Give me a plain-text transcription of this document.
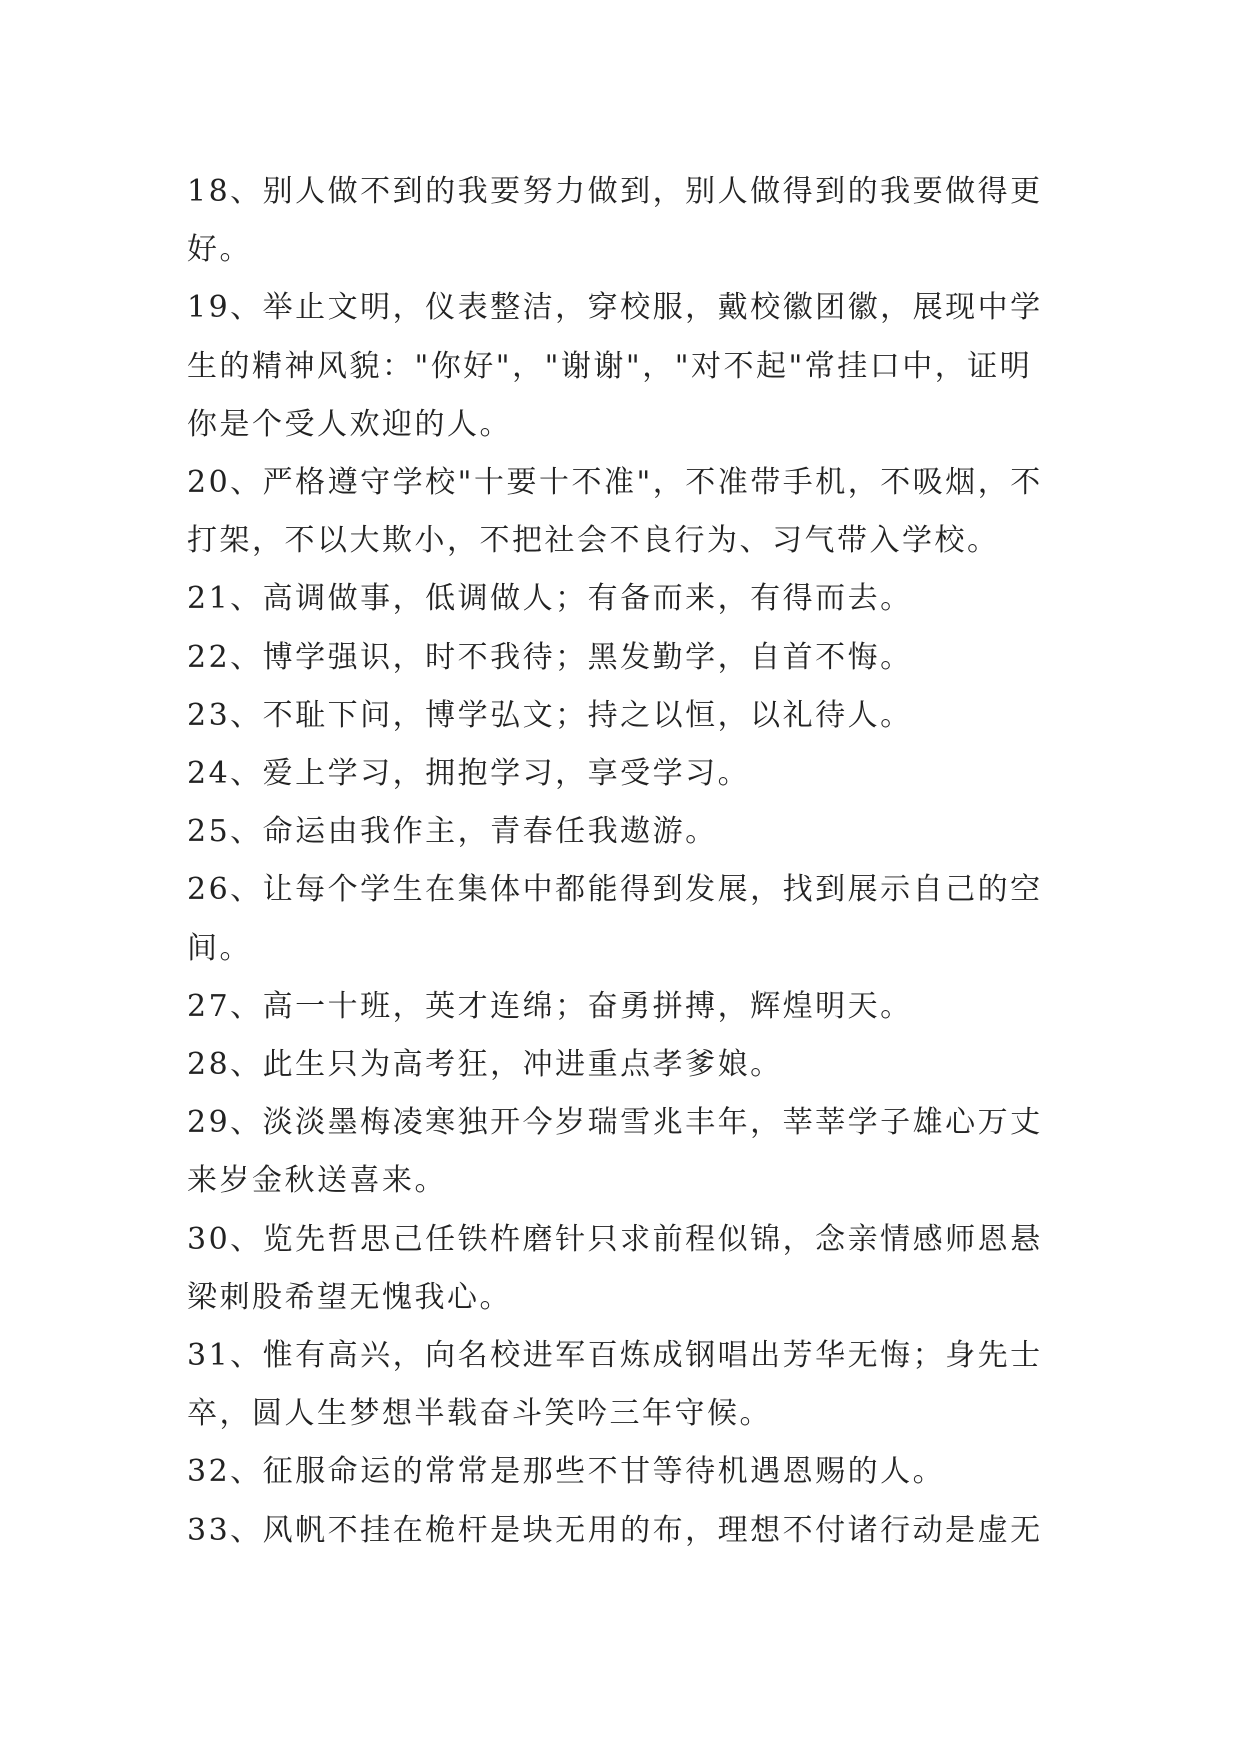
18、别人做不到的我要努力做到，别人做得到的我要做得更好。

19、举止文明，仪表整洁，穿校服，戴校徽团徽，展现中学生的精神风貌："你好"，"谢谢"，"对不起"常挂口中，证明你是个受人欢迎的人。

20、严格遵守学校"十要十不准"，不准带手机，不吸烟，不打架，不以大欺小，不把社会不良行为、习气带入学校。

21、高调做事，低调做人；有备而来，有得而去。

22、博学强识，时不我待；黑发勤学，自首不悔。

23、不耻下问，博学弘文；持之以恒，以礼待人。

24、爱上学习，拥抱学习，享受学习。

25、命运由我作主，青春任我遨游。

26、让每个学生在集体中都能得到发展，找到展示自己的空间。

27、高一十班，英才连绵；奋勇拼搏，辉煌明天。

28、此生只为高考狂，冲进重点孝爹娘。

29、淡淡墨梅凌寒独开今岁瑞雪兆丰年，莘莘学子雄心万丈来岁金秋送喜来。

30、览先哲思己任铁杵磨针只求前程似锦，念亲情感师恩悬梁刺股希望无愧我心。

31、惟有高兴，向名校进军百炼成钢唱出芳华无悔；身先士卒，圆人生梦想半载奋斗笑吟三年守候。

32、征服命运的常常是那些不甘等待机遇恩赐的人。

33、风帆不挂在桅杆是块无用的布，理想不付诸行动是虚无
